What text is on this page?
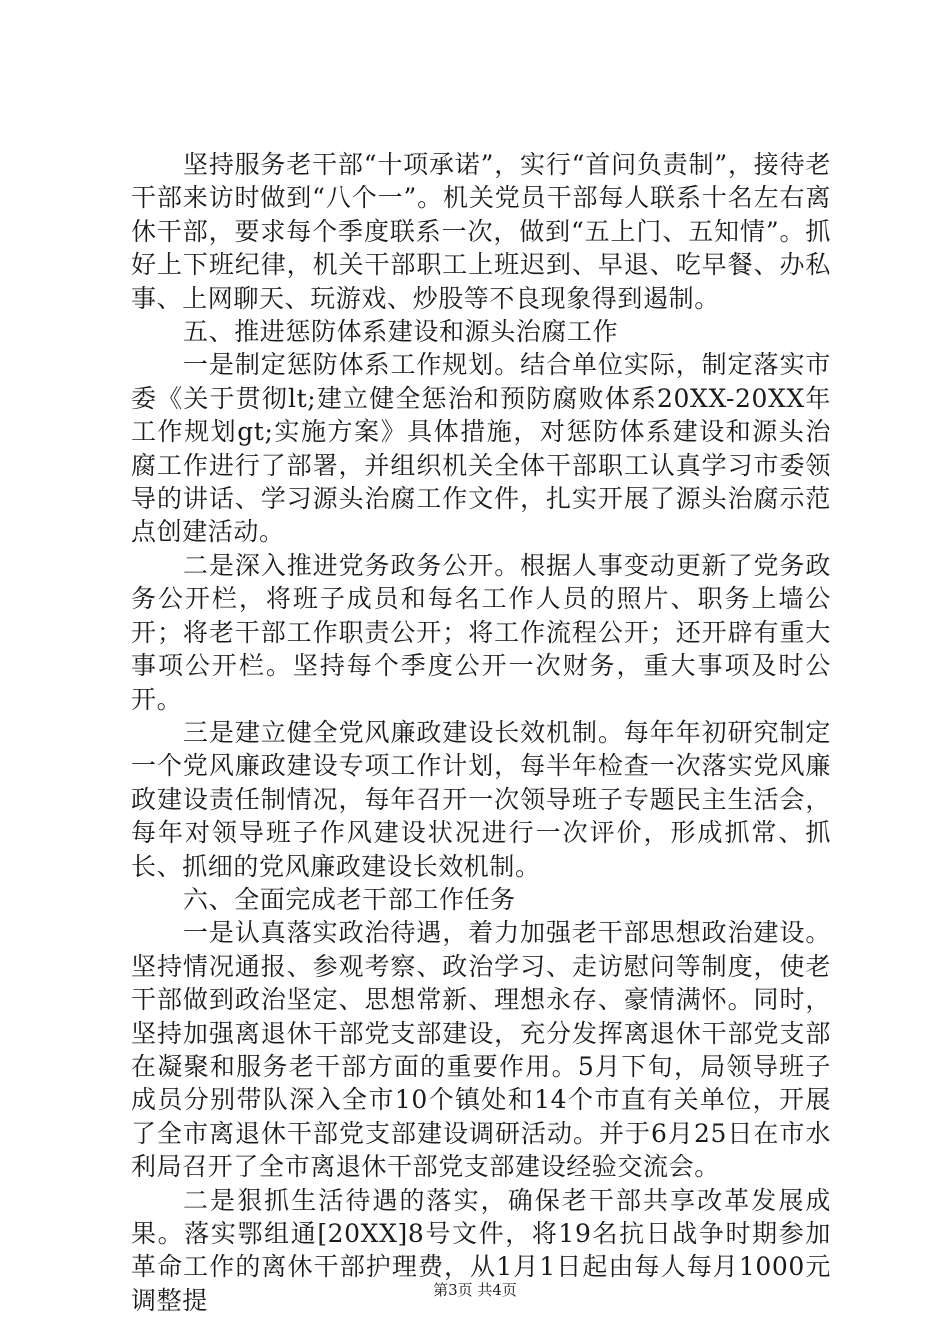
坚持服务老干部“十项承诺”，实行“首问负责制”，接待老干部来访时做到“八个一”。机关党员干部每人联系十名左右离休干部，要求每个季度联系一次，做到“五上门、五知情”。抓好上下班纪律，机关干部职工上班迟到、早退、吃早餐、办私事、上网聊天、玩游戏、炒股等不良现象得到遏制。

五、推进惩防体系建设和源头治腐工作

一是制定惩防体系工作规划。结合单位实际，制定落实市委《关于贯彻lt;建立健全惩治和预防腐败体系20XX-20XX年工作规划gt;实施方案》具体措施，对惩防体系建设和源头治腐工作进行了部署，并组织机关全体干部职工认真学习市委领导的讲话、学习源头治腐工作文件，扎实开展了源头治腐示范点创建活动。

二是深入推进党务政务公开。根据人事变动更新了党务政务公开栏，将班子成员和每名工作人员的照片、职务上墙公开；将老干部工作职责公开；将工作流程公开；还开辟有重大事项公开栏。坚持每个季度公开一次财务，重大事项及时公开。

三是建立健全党风廉政建设长效机制。每年年初研究制定一个党风廉政建设专项工作计划，每半年检查一次落实党风廉政建设责任制情况，每年召开一次领导班子专题民主生活会，每年对领导班子作风建设状况进行一次评价，形成抓常、抓长、抓细的党风廉政建设长效机制。

六、全面完成老干部工作任务

一是认真落实政治待遇，着力加强老干部思想政治建设。坚持情况通报、参观考察、政治学习、走访慰问等制度，使老干部做到政治坚定、思想常新、理想永存、豪情满怀。同时，坚持加强离退休干部党支部建设，充分发挥离退休干部党支部在凝聚和服务老干部方面的重要作用。5月下旬，局领导班子成员分别带队深入全市10个镇处和14个市直有关单位，开展了全市离退休干部党支部建设调研活动。并于6月25日在市水利局召开了全市离退休干部党支部建设经验交流会。

二是狠抓生活待遇的落实，确保老干部共享改革发展成果。落实鄂组通[20XX]8号文件，将19名抗日战争时期参加革命工作的离休干部护理费，从1月1日起由每人每月1000元调整提	第3页 共4页
